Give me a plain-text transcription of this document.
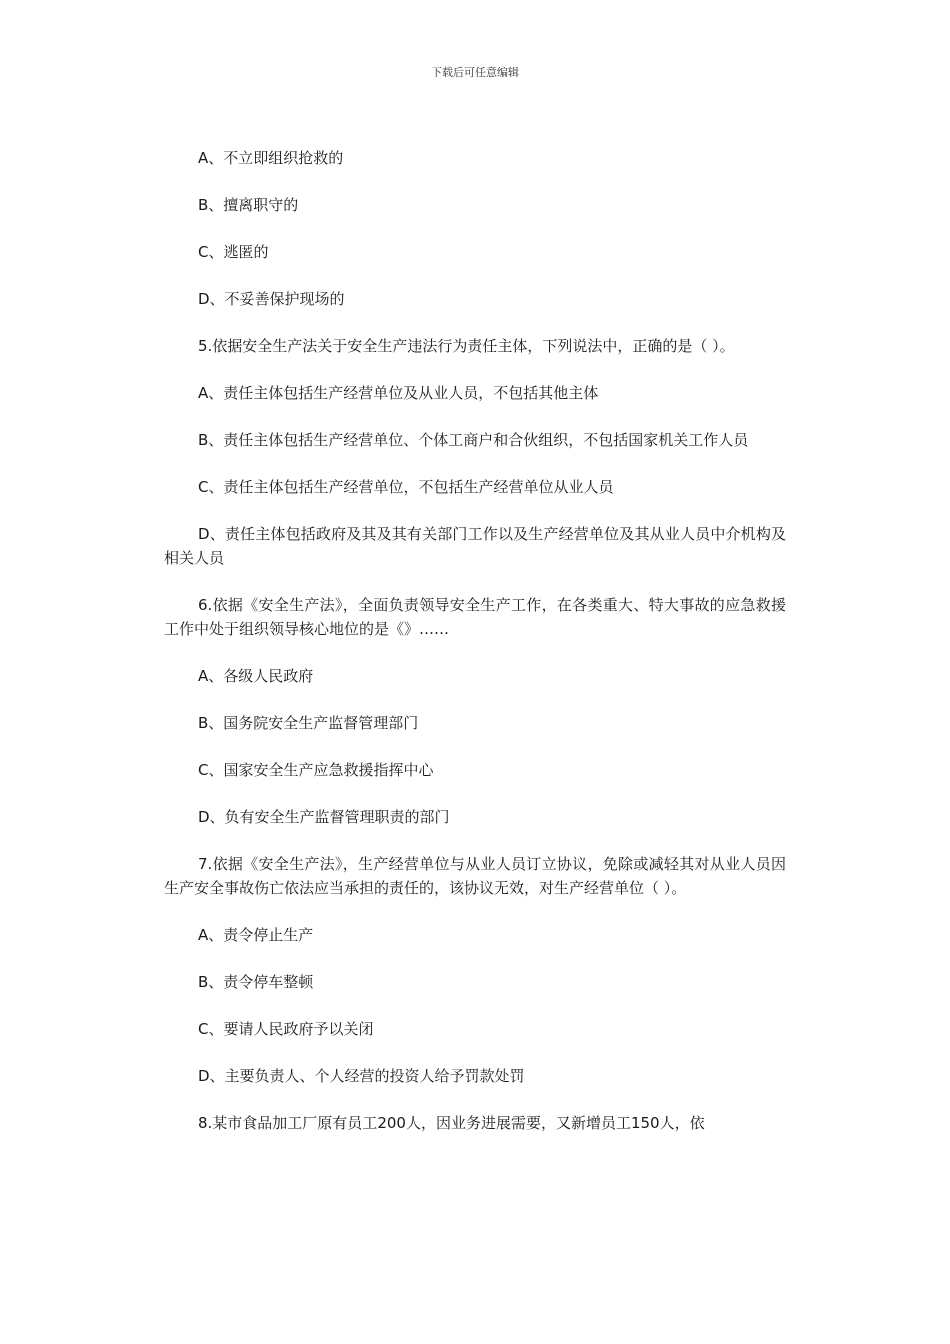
下载后可任意编辑

A、不立即组织抢救的

B、擅离职守的

C、逃匿的

D、不妥善保护现场的

5.依据安全生产法关于安全生产违法行为责任主体，下列说法中，正确的是（ ）。

A、责任主体包括生产经营单位及从业人员，不包括其他主体

B、责任主体包括生产经营单位、个体工商户和合伙组织，不包括国家机关工作人员

C、责任主体包括生产经营单位，不包括生产经营单位从业人员

D、责任主体包括政府及其及其有关部门工作以及生产经营单位及其从业人员中介机构及相关人员

6.依据《安全生产法》，全面负责领导安全生产工作，在各类重大、特大事故的应急救援工作中处于组织领导核心地位的是《》……

A、各级人民政府

B、国务院安全生产监督管理部门

C、国家安全生产应急救援指挥中心

D、负有安全生产监督管理职责的部门

7.依据《安全生产法》，生产经营单位与从业人员订立协议，免除或减轻其对从业人员因生产安全事故伤亡依法应当承担的责任的，该协议无效，对生产经营单位（ ）。

A、责令停止生产

B、责令停车整顿

C、要请人民政府予以关闭

D、主要负责人、个人经营的投资人给予罚款处罚

8.某市食品加工厂原有员工200人，因业务进展需要，又新增员工150人，依
